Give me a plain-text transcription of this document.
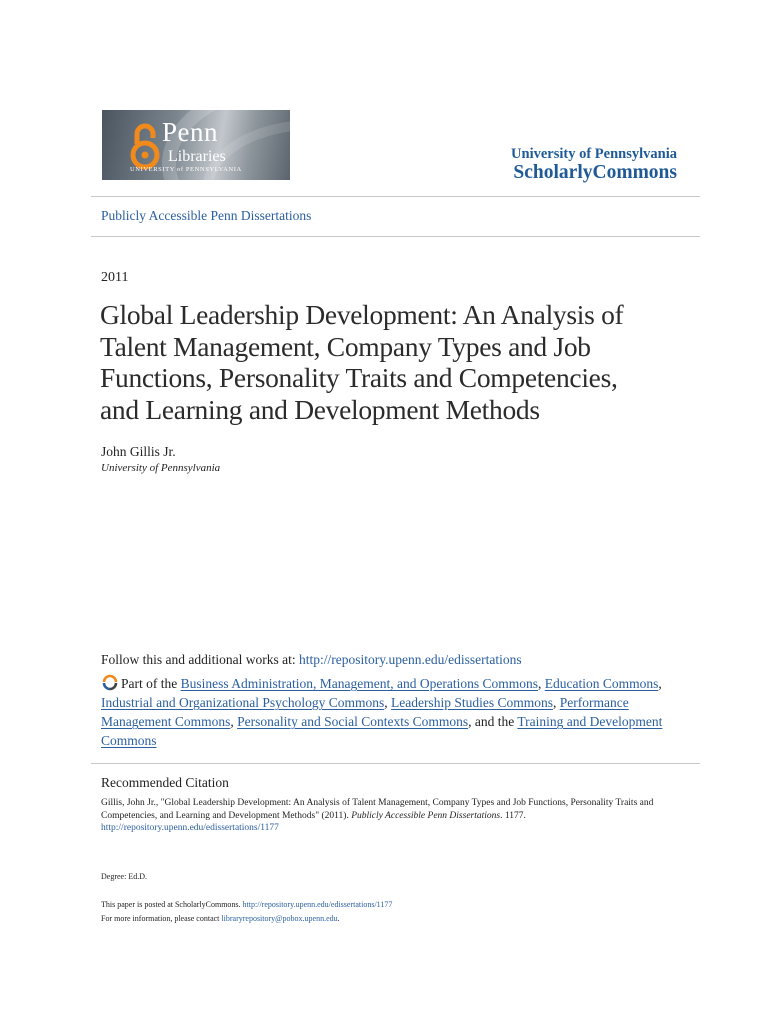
Penn
Libraries
UNIVERSITY of PENNSYLVANIA
University of Pennsylvania
ScholarlyCommons
Publicly Accessible Penn Dissertations
2011
Global Leadership Development: An Analysis of Talent Management, Company Types and Job Functions, Personality Traits and Competencies, and Learning and Development Methods
John Gillis Jr.
University of Pennsylvania
Follow this and additional works at: http://repository.upenn.edu/edissertations
Part of the Business Administration, Management, and Operations Commons, Education Commons, Industrial and Organizational Psychology Commons, Leadership Studies Commons, Performance Management Commons, Personality and Social Contexts Commons, and the Training and Development Commons
Recommended Citation
Gillis, John Jr., "Global Leadership Development: An Analysis of Talent Management, Company Types and Job Functions, Personality Traits and Competencies, and Learning and Development Methods" (2011). Publicly Accessible Penn Dissertations. 1177.
http://repository.upenn.edu/edissertations/1177
Degree: Ed.D.
This paper is posted at ScholarlyCommons. http://repository.upenn.edu/edissertations/1177
For more information, please contact libraryrepository@pobox.upenn.edu.
